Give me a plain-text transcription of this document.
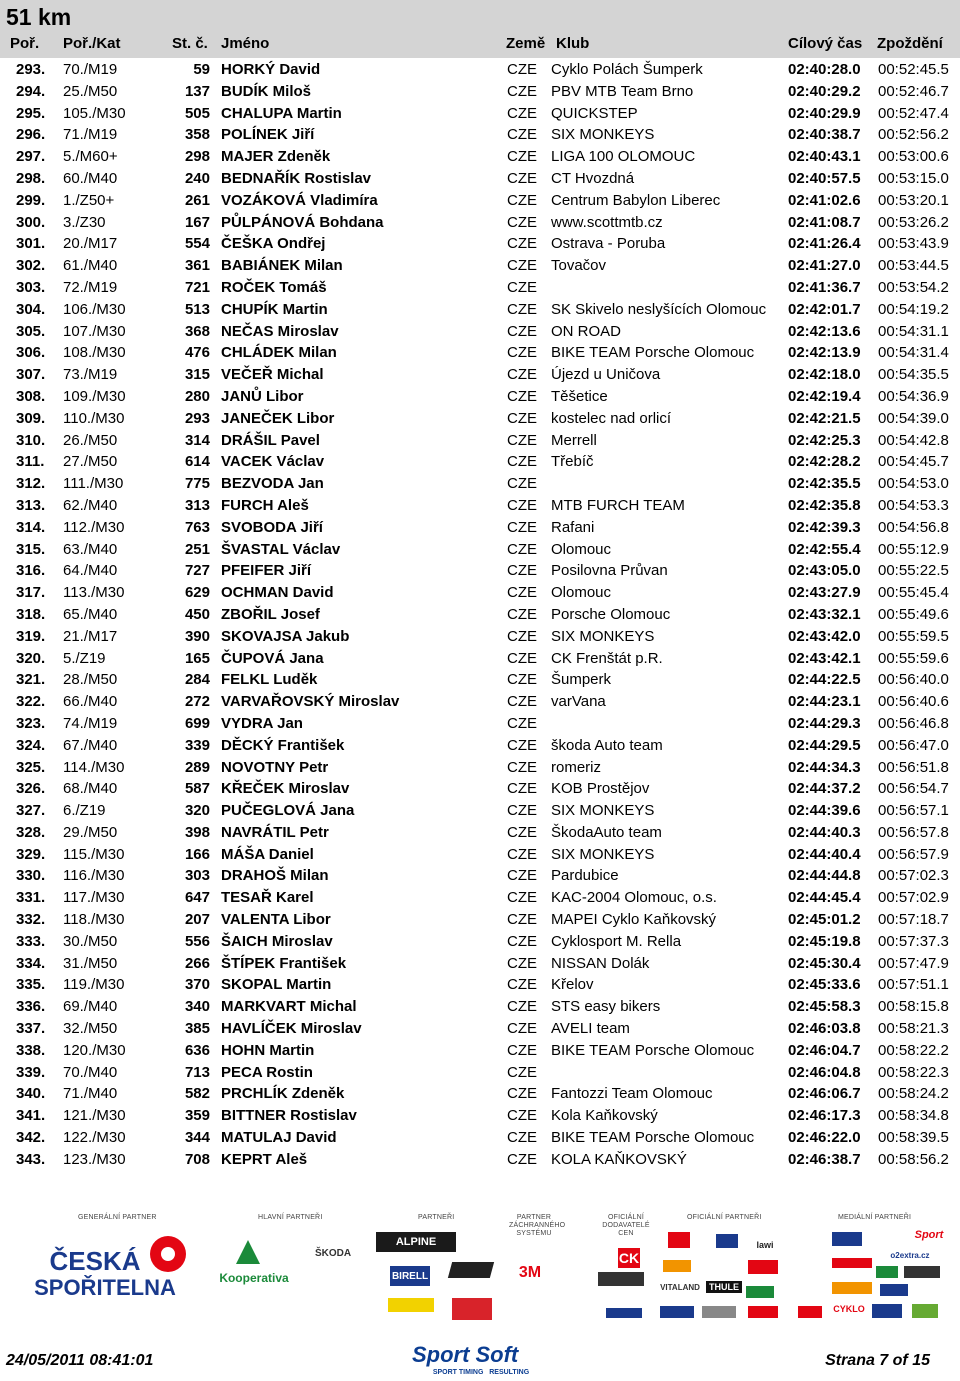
51 km
Poř. Poř./Kat	St. č. Jméno	Země Klub	Cílový čas Zpoždění
293. 70./M19	59 HORKÝ David	CZE Cyklo Polách Šumperk	02:40:28.0 00:52:45.5
294. 25./M50	137 BUDÍK Miloš	CZE PBV MTB Team Brno	02:40:29.2 00:52:46.7
295. 105./M30	505 CHALUPA Martin	CZE QUICKSTEP	02:40:29.9 00:52:47.4
296. 71./M19	358 POLÍNEK Jiří	CZE SIX MONKEYS	02:40:38.7 00:52:56.2
297. 5./M60+	298 MAJER Zdeněk	CZE LIGA 100 OLOMOUC	02:40:43.1 00:53:00.6
298. 60./M40	240 BEDNAŘÍK Rostislav	CZE CT Hvozdná	02:40:57.5 00:53:15.0
299. 1./Z50+	261 VOZÁKOVÁ Vladimíra	CZE Centrum Babylon Liberec	02:41:02.6 00:53:20.1
300. 3./Z30	167 PŮLPÁNOVÁ Bohdana	CZE www.scottmtb.cz	02:41:08.7 00:53:26.2
301. 20./M17	554 ČEŠKA Ondřej	CZE Ostrava - Poruba	02:41:26.4 00:53:43.9
302. 61./M40	361 BABIÁNEK Milan	CZE Tovačov	02:41:27.0 00:53:44.5
303. 72./M19	721 ROČEK Tomáš	CZE	02:41:36.7 00:53:54.2
304. 106./M30	513 CHUPÍK Martin	CZE SK Skivelo neslyšících Olomouc 02:42:01.7 00:54:19.2
305. 107./M30	368 NEČAS Miroslav	CZE ON ROAD	02:42:13.6 00:54:31.1
306. 108./M30	476 CHLÁDEK Milan	CZE BIKE TEAM Porsche Olomouc 02:42:13.9 00:54:31.4
307. 73./M19	315 VEČEŘ Michal	CZE Újezd u Uničova	02:42:18.0 00:54:35.5
308. 109./M30	280 JANŮ Libor	CZE Těšetice	02:42:19.4 00:54:36.9
309. 110./M30	293 JANEČEK Libor	CZE kostelec nad orlicí	02:42:21.5 00:54:39.0
310. 26./M50	314 DRÁŠIL Pavel	CZE Merrell	02:42:25.3 00:54:42.8
311. 27./M50	614 VACEK Václav	CZE Třebíč	02:42:28.2 00:54:45.7
312. 111./M30	775 BEZVODA Jan	CZE	02:42:35.5 00:54:53.0
313. 62./M40	313 FURCH Aleš	CZE MTB FURCH TEAM	02:42:35.8 00:54:53.3
314. 112./M30	763 SVOBODA Jiří	CZE Rafani	02:42:39.3 00:54:56.8
315. 63./M40	251 ŠVASTAL Václav	CZE Olomouc	02:42:55.4 00:55:12.9
316. 64./M40	727 PFEIFER Jiří	CZE Posilovna Průvan	02:43:05.0 00:55:22.5
317. 113./M30	629 OCHMAN David	CZE Olomouc	02:43:27.9 00:55:45.4
318. 65./M40	450 ZBOŘIL Josef	CZE Porsche Olomouc	02:43:32.1 00:55:49.6
319. 21./M17	390 SKOVAJSA Jakub	CZE SIX MONKEYS	02:43:42.0 00:55:59.5
320. 5./Z19	165 ČUPOVÁ Jana	CZE CK Frenštát p.R.	02:43:42.1 00:55:59.6
321. 28./M50	284 FELKL Luděk	CZE Šumperk	02:44:22.5 00:56:40.0
322. 66./M40	272 VARVAŘOVSKÝ Miroslav	CZE varVana	02:44:23.1 00:56:40.6
323. 74./M19	699 VYDRA Jan	CZE	02:44:29.3 00:56:46.8
324. 67./M40	339 DĚCKÝ František	CZE škoda Auto team	02:44:29.5 00:56:47.0
325. 114./M30	289 NOVOTNY Petr	CZE romeriz	02:44:34.3 00:56:51.8
326. 68./M40	587 KŘEČEK Miroslav	CZE KOB Prostějov	02:44:37.2 00:56:54.7
327. 6./Z19	320 PUČEGLOVÁ Jana	CZE SIX MONKEYS	02:44:39.6 00:56:57.1
328. 29./M50	398 NAVRÁTIL Petr	CZE ŠkodaAuto team	02:44:40.3 00:56:57.8
329. 115./M30	166 MÁŠA Daniel	CZE SIX MONKEYS	02:44:40.4 00:56:57.9
330. 116./M30	303 DRAHOŠ Milan	CZE Pardubice	02:44:44.8 00:57:02.3
331. 117./M30	647 TESAŘ Karel	CZE KAC-2004 Olomouc, o.s.	02:44:45.4 00:57:02.9
332. 118./M30	207 VALENTA Libor	CZE MAPEI Cyklo Kaňkovský	02:45:01.2 00:57:18.7
333. 30./M50	556 ŠAICH Miroslav	CZE Cyklosport M. Rella	02:45:19.8 00:57:37.3
334. 31./M50	266 ŠTÍPEK František	CZE NISSAN Dolák	02:45:30.4 00:57:47.9
335. 119./M30	370 SKOPAL Martin	CZE Křelov	02:45:33.6 00:57:51.1
336. 69./M40	340 MARKVART Michal	CZE STS easy bikers	02:45:58.3 00:58:15.8
337. 32./M50	385 HAVLÍČEK Miroslav	CZE AVELI team	02:46:03.8 00:58:21.3
338. 120./M30	636 HOHN Martin	CZE BIKE TEAM Porsche Olomouc 02:46:04.7 00:58:22.2
339. 70./M40	713 PECA Rostin	CZE	02:46:04.8 00:58:22.3
340. 71./M40	582 PRCHLÍK Zdeněk	CZE Fantozzi Team Olomouc	02:46:06.7 00:58:24.2
341. 121./M30	359 BITTNER Rostislav	CZE Kola Kaňkovský	02:46:17.3 00:58:34.8
342. 122./M30	344 MATULAJ David	CZE BIKE TEAM Porsche Olomouc 02:46:22.0 00:58:39.5
343. 123./M30	708 KEPRT Aleš	CZE KOLA KAŇKOVSKÝ	02:46:38.7 00:58:56.2
GENERÁLNÍ PARTNER	HLAVNÍ PARTNEŘI	PARTNEŘI	PARTNER ZÁCHRANNÉHO SYSTÉMU
OFICIÁLNÍ DODAVATELÉ CEN
OFICIÁLNÍ PARTNEŘI	MEDIÁLNÍ PARTNEŘI
ČESKÁ
SPOŘITELNA	Kooperativa
ŠKODA
ALPINE
BIRELL	3M
CK
lawi
Sport
o2extra.cz
VITALAND	THULE
CYKLO
24/05/2011 08:41:01	Sport Soft
SPORT TIMING   RESULTING
Strana 7 of 15
